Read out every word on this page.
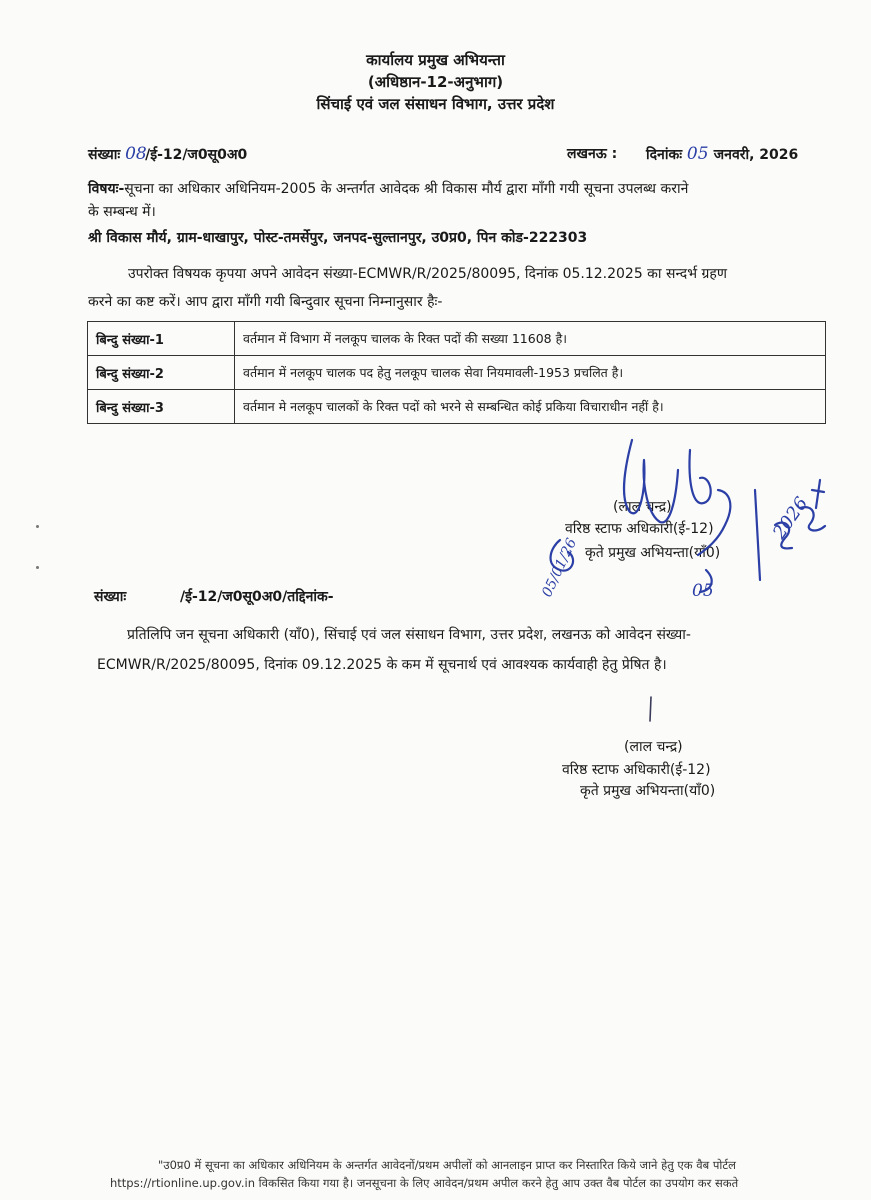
कार्यालय प्रमुख अभियन्ता
(अधिष्ठान-12-अनुभाग)
सिंचाई एवं जल संसाधन विभाग, उत्तर प्रदेश
संख्याः 08/ई-12/ज0सू0अ0	लखनऊ : दिनांकः 05 जनवरी, 2026
विषयः-सूचना का अधिकार अधिनियम-2005 के अन्तर्गत आवेदक श्री विकास मौर्य द्वारा माँगी गयी सूचना उपलब्ध कराने
के सम्बन्ध में।
श्री विकास मौर्य, ग्राम-धाखापुर, पोस्ट-तमर्सेपुर, जनपद-सुल्तानपुर, उ0प्र0, पिन कोड-222303
उपरोक्त विषयक कृपया अपने आवेदन संख्या-ECMWR/R/2025/80095, दिनांक 05.12.2025 का सन्दर्भ ग्रहण
करने का कष्ट करें। आप द्वारा माँगी गयी बिन्दुवार सूचना निम्नानुसार हैः-
बिन्दु संख्या-1	वर्तमान में विभाग में नलकूप चालक के रिक्त पदों की सख्या 11608 है।
बिन्दु संख्या-2	वर्तमान में नलकूप चालक पद हेतु नलकूप चालक सेवा नियमावली-1953 प्रचलित है।
बिन्दु संख्या-3	वर्तमान मे नलकूप चालकों के रिक्त पदों को भरने से सम्बन्धित कोई प्रकिया विचाराधीन नहीं है।
(लाल चन्द्र)
वरिष्ठ स्टाफ अधिकारी(ई-12)
कृते प्रमुख अभियन्ता(याँ0)
05/01/26
2026
05
संख्याः	/ई-12/ज0सू0अ0/तद्दिनांक-
प्रतिलिपि जन सूचना अधिकारी (याँ0), सिंचाई एवं जल संसाधन विभाग, उत्तर प्रदेश, लखनऊ को आवेदन संख्या-
ECMWR/R/2025/80095, दिनांक 09.12.2025 के कम में सूचनार्थ एवं आवश्यक कार्यवाही हेतु प्रेषित है।
(लाल चन्द्र)
वरिष्ठ स्टाफ अधिकारी(ई-12)
कृते प्रमुख अभियन्ता(याँ0)
"उ0प्र0 में सूचना का अधिकार अधिनियम के अन्तर्गत आवेदनों/प्रथम अपीलों को आनलाइन प्राप्त कर निस्तारित किये जाने हेतु एक वैब पोर्टल
https://rtionline.up.gov.in विकसित किया गया है। जनसूचना के लिए आवेदन/प्रथम अपील करने हेतु आप उक्त वैब पोर्टल का उपयोग कर सकते
